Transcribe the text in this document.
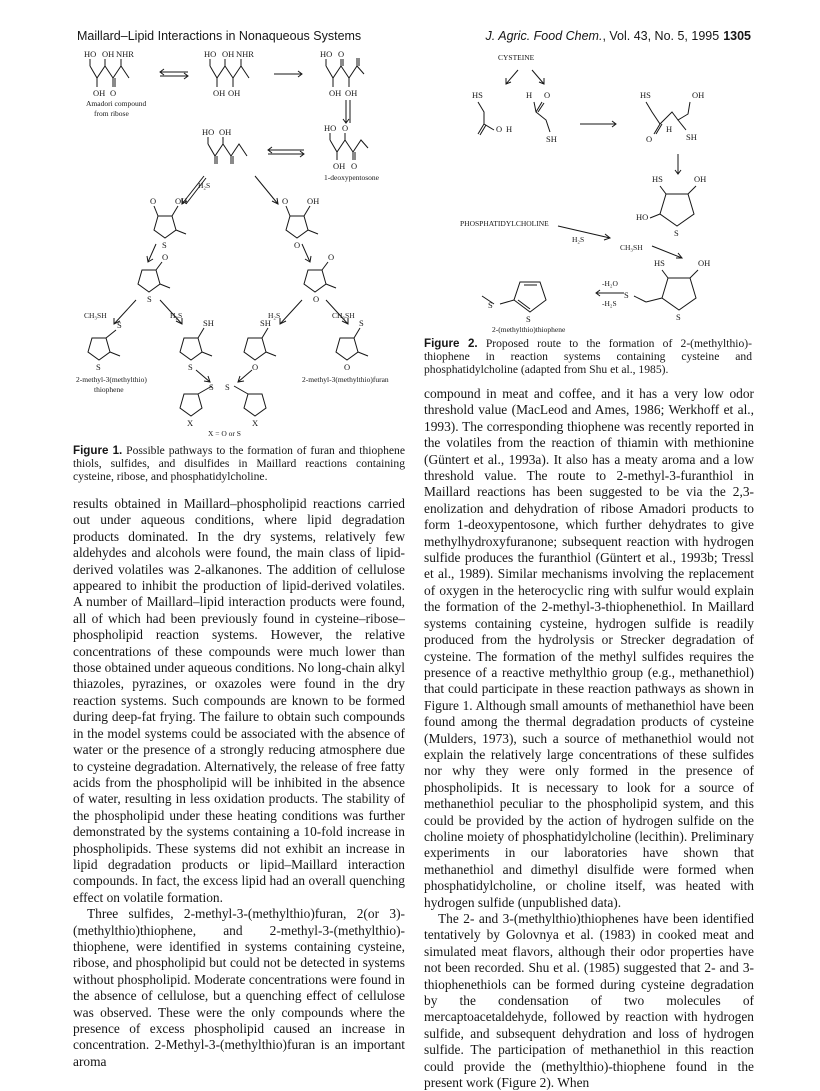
Maillard–Lipid Interactions in Nonaqueous Systems	J. Agric. Food Chem., Vol. 43, No. 5, 1995 1305
HO OH NHR
OH O
HO OH NHR
OH OH
HO O
OH OH
HO OH	HO O
OH O
O OH
S
O OH
O
O
S
O
O
S
S
SH
S
SH
O
S
O
S S
X	X
Amadori compound
from ribose
1-deoxypentosone
H₂S
CH₃SH	H₂S	H₂S	CH₃SH
2-methyl-3(methylthio)
thiophene
2-methyl-3(methylthio)furan
X = O or S
Figure 1. Possible pathways to the formation of furan and thiophene thiols, sulfides, and disulfides in Maillard reactions containing cysteine, ribose, and phosphatidylcholine.
HS
O H
H O
SH
HS	OH
O
H
SH
HS	OH
HO
S
HS	OH
S
S
S
S
CYSTEINE
PHOSPHATIDYLCHOLINE
H₂S
CH₃SH
-H₂O
-H₂S
2-(methylthio)thiophene
Figure 2. Proposed route to the formation of 2-(methylthio)-thiophene in reaction systems containing cysteine and phosphatidylcholine (adapted from Shu et al., 1985).

results obtained in Maillard–phospholipid reactions carried out under aqueous conditions, where lipid degradation products dominated. In the dry systems, relatively few aldehydes and alcohols were found, the main class of lipid-derived volatiles was 2-alkanones. The addition of cellulose appeared to inhibit the production of lipid-derived volatiles. A number of Maillard–lipid interaction products were found, all of which had been previously found in cysteine–ribose–phospholipid reaction systems. However, the relative concentrations of these compounds were much lower than those obtained under aqueous conditions. No long-chain alkyl thiazoles, pyrazines, or oxazoles were found in the dry reaction systems. Such compounds are known to be formed during deep-fat frying. The failure to obtain such compounds in the model systems could be associated with the absence of water or the presence of a strongly reducing atmosphere due to cysteine degradation. Alternatively, the release of free fatty acids from the phospholipid will be inhibited in the absence of water, resulting in less oxidation products. The stability of the phospholipid under these heating conditions was further demonstrated by the systems containing a 10-fold increase in phospholipids. These systems did not exhibit an increase in lipid degradation products or lipid–Maillard interaction compounds. In fact, the excess lipid had an overall quenching effect on volatile formation.

Three sulfides, 2-methyl-3-(methylthio)furan, 2(or 3)-(methylthio)thiophene, and 2-methyl-3-(methylthio)-thiophene, were identified in systems containing cysteine, ribose, and phospholipid but could not be detected in systems without phospholipid. Moderate concentrations were found in the absence of cellulose, but a quenching effect of cellulose was observed. These were the only compounds where the presence of excess phospholipid caused an increase in concentration. 2-Methyl-3-(methylthio)furan is an important aroma

compound in meat and coffee, and it has a very low odor threshold value (MacLeod and Ames, 1986; Werkhoff et al., 1993). The corresponding thiophene was recently reported in the volatiles from the reaction of thiamin with methionine (Güntert et al., 1993a). It also has a meaty aroma and a low threshold value. The route to 2-methyl-3-furanthiol in Maillard reactions has been suggested to be via the 2,3-enolization and dehydration of ribose Amadori products to form 1-deoxypentosone, which further dehydrates to give methylhydroxyfuranone; subsequent reaction with hydrogen sulfide produces the furanthiol (Güntert et al., 1993b; Tressl et al., 1989). Similar mechanisms involving the replacement of oxygen in the heterocyclic ring with sulfur would explain the formation of the 2-methyl-3-thiophenethiol. In Maillard systems containing cysteine, hydrogen sulfide is readily produced from the hydrolysis or Strecker degradation of cysteine. The formation of the methyl sulfides requires the presence of a reactive methylthio group (e.g., methanethiol) that could participate in these reaction pathways as shown in Figure 1. Although small amounts of methanethiol have been found among the thermal degradation products of cysteine (Mulders, 1973), such a source of methanethiol would not explain the relatively large concentrations of these sulfides nor why they were only formed in the presence of phospholipids. It is necessary to look for a source of methanethiol peculiar to the phospholipid system, and this could be provided by the action of hydrogen sulfide on the choline moiety of phosphatidylcholine (lecithin). Preliminary experiments in our laboratories have shown that methanethiol and dimethyl disulfide were formed when phosphatidylcholine, or choline itself, was heated with hydrogen sulfide (unpublished data).

The 2- and 3-(methylthio)thiophenes have been identified tentatively by Golovnya et al. (1983) in cooked meat and simulated meat flavors, although their odor properties have not been recorded. Shu et al. (1985) suggested that 2- and 3-thiophenethiols can be formed during cysteine degradation by the condensation of two molecules of mercaptoacetaldehyde, followed by reaction with hydrogen sulfide, and subsequent dehydration and loss of hydrogen sulfide. The participation of methanethiol in this reaction could provide the (methylthio)-thiophene found in the present work (Figure 2). When
